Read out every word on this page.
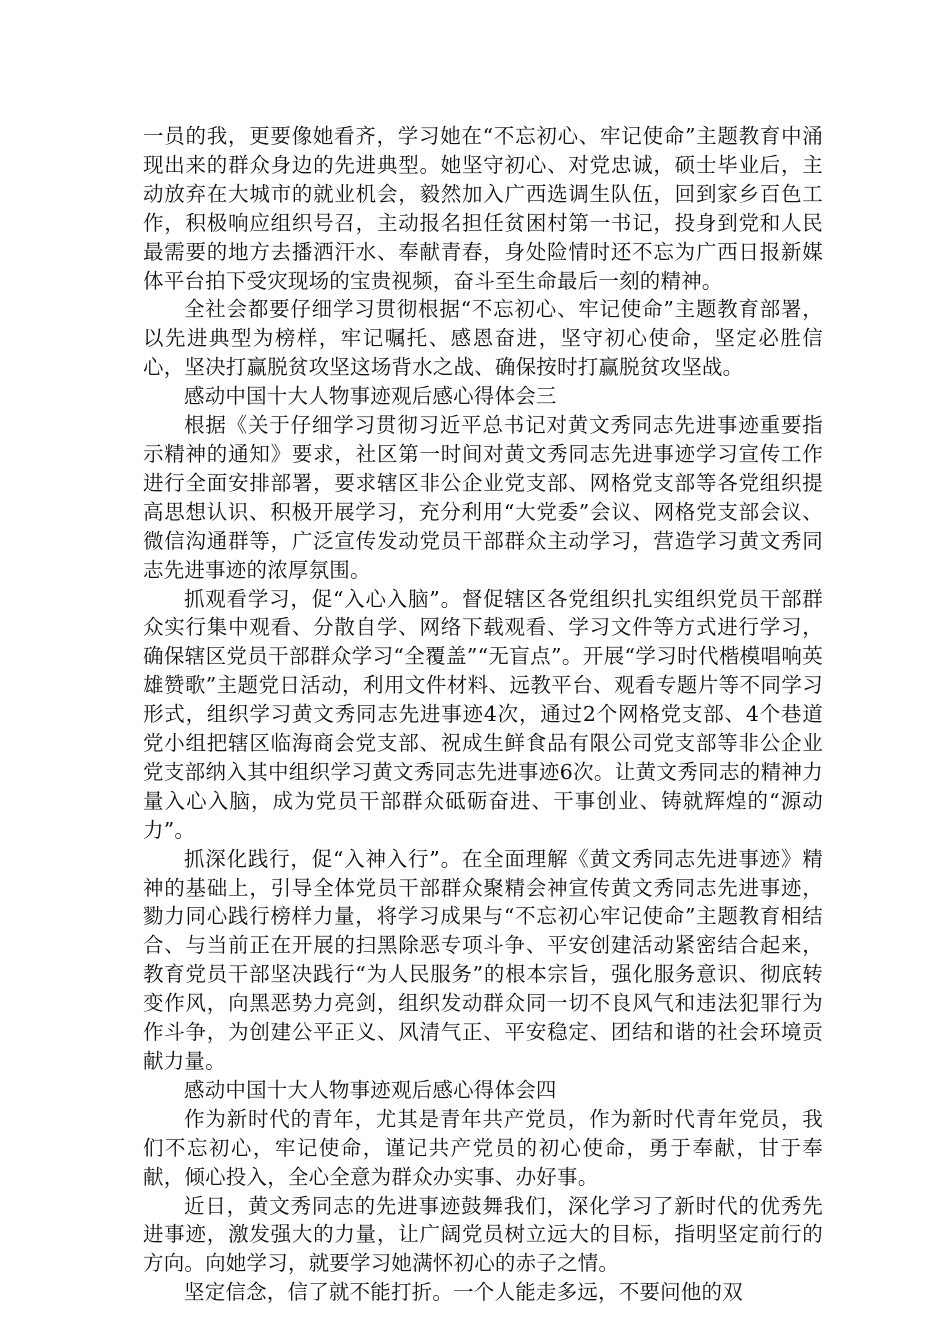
一员的我，更要像她看齐，学习她在“不忘初心、牢记使命”主题教育中涌现出来的群众身边的先进典型。她坚守初心、对党忠诚，硕士毕业后，主动放弃在大城市的就业机会，毅然加入广西选调生队伍，回到家乡百色工作，积极响应组织号召，主动报名担任贫困村第一书记，投身到党和人民最需要的地方去播洒汗水、奉献青春，身处险情时还不忘为广西日报新媒体平台拍下受灾现场的宝贵视频，奋斗至生命最后一刻的精神。

全社会都要仔细学习贯彻根据“不忘初心、牢记使命”主题教育部署，以先进典型为榜样，牢记嘱托、感恩奋进，坚守初心使命，坚定必胜信心，坚决打赢脱贫攻坚这场背水之战、确保按时打赢脱贫攻坚战。

感动中国十大人物事迹观后感心得体会三

根据《关于仔细学习贯彻习近平总书记对黄文秀同志先进事迹重要指示精神的通知》要求，社区第一时间对黄文秀同志先进事迹学习宣传工作进行全面安排部署，要求辖区非公企业党支部、网格党支部等各党组织提高思想认识、积极开展学习，充分利用“大党委”会议、网格党支部会议、微信沟通群等，广泛宣传发动党员干部群众主动学习，营造学习黄文秀同志先进事迹的浓厚氛围。

抓观看学习，促“入心入脑”。督促辖区各党组织扎实组织党员干部群众实行集中观看、分散自学、网络下载观看、学习文件等方式进行学习，确保辖区党员干部群众学习“全覆盖”“无盲点”。开展“学习时代楷模唱响英雄赞歌”主题党日活动，利用文件材料、远教平台、观看专题片等不同学习形式，组织学习黄文秀同志先进事迹4次，通过2个网格党支部、4个巷道党小组把辖区临海商会党支部、祝成生鲜食品有限公司党支部等非公企业党支部纳入其中组织学习黄文秀同志先进事迹6次。让黄文秀同志的精神力量入心入脑，成为党员干部群众砥砺奋进、干事创业、铸就辉煌的“源动力”。

抓深化践行，促“入神入行”。在全面理解《黄文秀同志先进事迹》精神的基础上，引导全体党员干部群众聚精会神宣传黄文秀同志先进事迹，勠力同心践行榜样力量，将学习成果与“不忘初心牢记使命”主题教育相结合、与当前正在开展的扫黑除恶专项斗争、平安创建活动紧密结合起来，教育党员干部坚决践行“为人民服务”的根本宗旨，强化服务意识、彻底转变作风，向黑恶势力亮剑，组织发动群众同一切不良风气和违法犯罪行为作斗争，为创建公平正义、风清气正、平安稳定、团结和谐的社会环境贡献力量。

感动中国十大人物事迹观后感心得体会四

作为新时代的青年，尤其是青年共产党员，作为新时代青年党员，我们不忘初心，牢记使命，谨记共产党员的初心使命，勇于奉献，甘于奉献，倾心投入，全心全意为群众办实事、办好事。

近日，黄文秀同志的先进事迹鼓舞我们，深化学习了新时代的优秀先进事迹，激发强大的力量，让广阔党员树立远大的目标，指明坚定前行的方向。向她学习，就要学习她满怀初心的赤子之情。

坚定信念，信了就不能打折。一个人能走多远，不要问他的双
